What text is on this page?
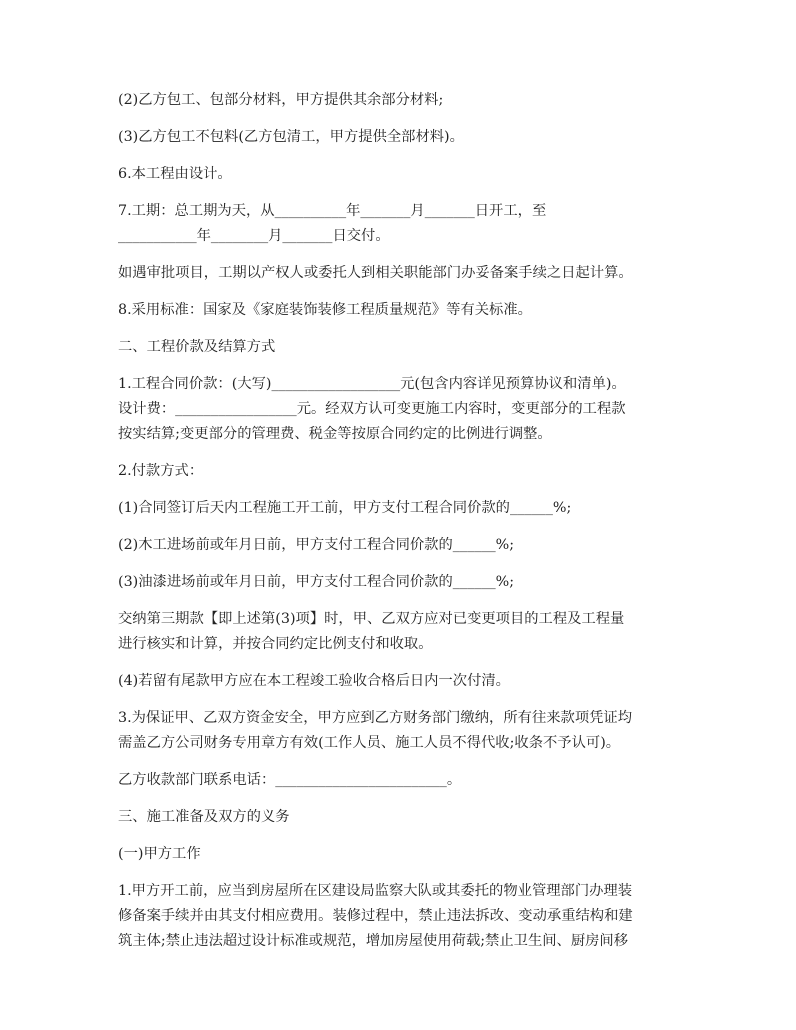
(2)乙方包工、包部分材料，甲方提供其余部分材料;

(3)乙方包工不包料(乙方包清工，甲方提供全部材料)。

6.本工程由设计。

7.工期：总工期为天，从__________年_______月_______日开工，至
___________年________月_______日交付。

如遇审批项目，工期以产权人或委托人到相关职能部门办妥备案手续之日起计算。

8.采用标准：国家及《家庭装饰装修工程质量规范》等有关标准。

二、工程价款及结算方式

1.工程合同价款：(大写)__________________元(包含内容详见预算协议和清单)。
设计费：_________________元。经双方认可变更施工内容时，变更部分的工程款
按实结算;变更部分的管理费、税金等按原合同约定的比例进行调整。

2.付款方式：

(1)合同签订后天内工程施工开工前，甲方支付工程合同价款的______%;

(2)木工进场前或年月日前，甲方支付工程合同价款的______%;

(3)油漆进场前或年月日前，甲方支付工程合同价款的______%;

交纳第三期款【即上述第(3)项】时，甲、乙双方应对已变更项目的工程及工程量
进行核实和计算，并按合同约定比例支付和收取。

(4)若留有尾款甲方应在本工程竣工验收合格后日内一次付清。

3.为保证甲、乙双方资金安全，甲方应到乙方财务部门缴纳，所有往来款项凭证均
需盖乙方公司财务专用章方有效(工作人员、施工人员不得代收;收条不予认可)。

乙方收款部门联系电话：________________________。

三、施工准备及双方的义务

(一)甲方工作

1.甲方开工前，应当到房屋所在区建设局监察大队或其委托的物业管理部门办理装
修备案手续并由其支付相应费用。装修过程中，禁止违法拆改、变动承重结构和建
筑主体;禁止违法超过设计标准或规范，增加房屋使用荷载;禁止卫生间、厨房间移
